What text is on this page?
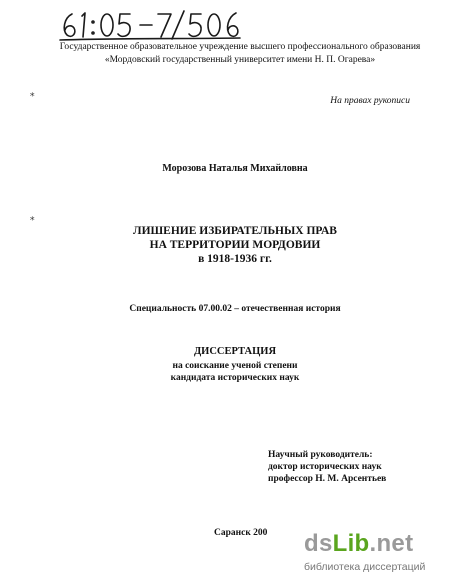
Государственное образовательное учреждение высшего профессионального образования
«Мордовский государственный университет имени Н. П. Огарева»
⁎
⁎
На правах рукописи
Морозова Наталья Михайловна
ЛИШЕНИЕ ИЗБИРАТЕЛЬНЫХ ПРАВ
НА ТЕРРИТОРИИ МОРДОВИИ
в 1918-1936 гг.
Специальность 07.00.02 – отечественная история
ДИССЕРТАЦИЯ
на соискание ученой степени
кандидата исторических наук
Научный руководитель:
доктор исторических наук
профессор Н. М. Арсентьев
Саранск 200	dsLib.net
библиотека диссертаций
